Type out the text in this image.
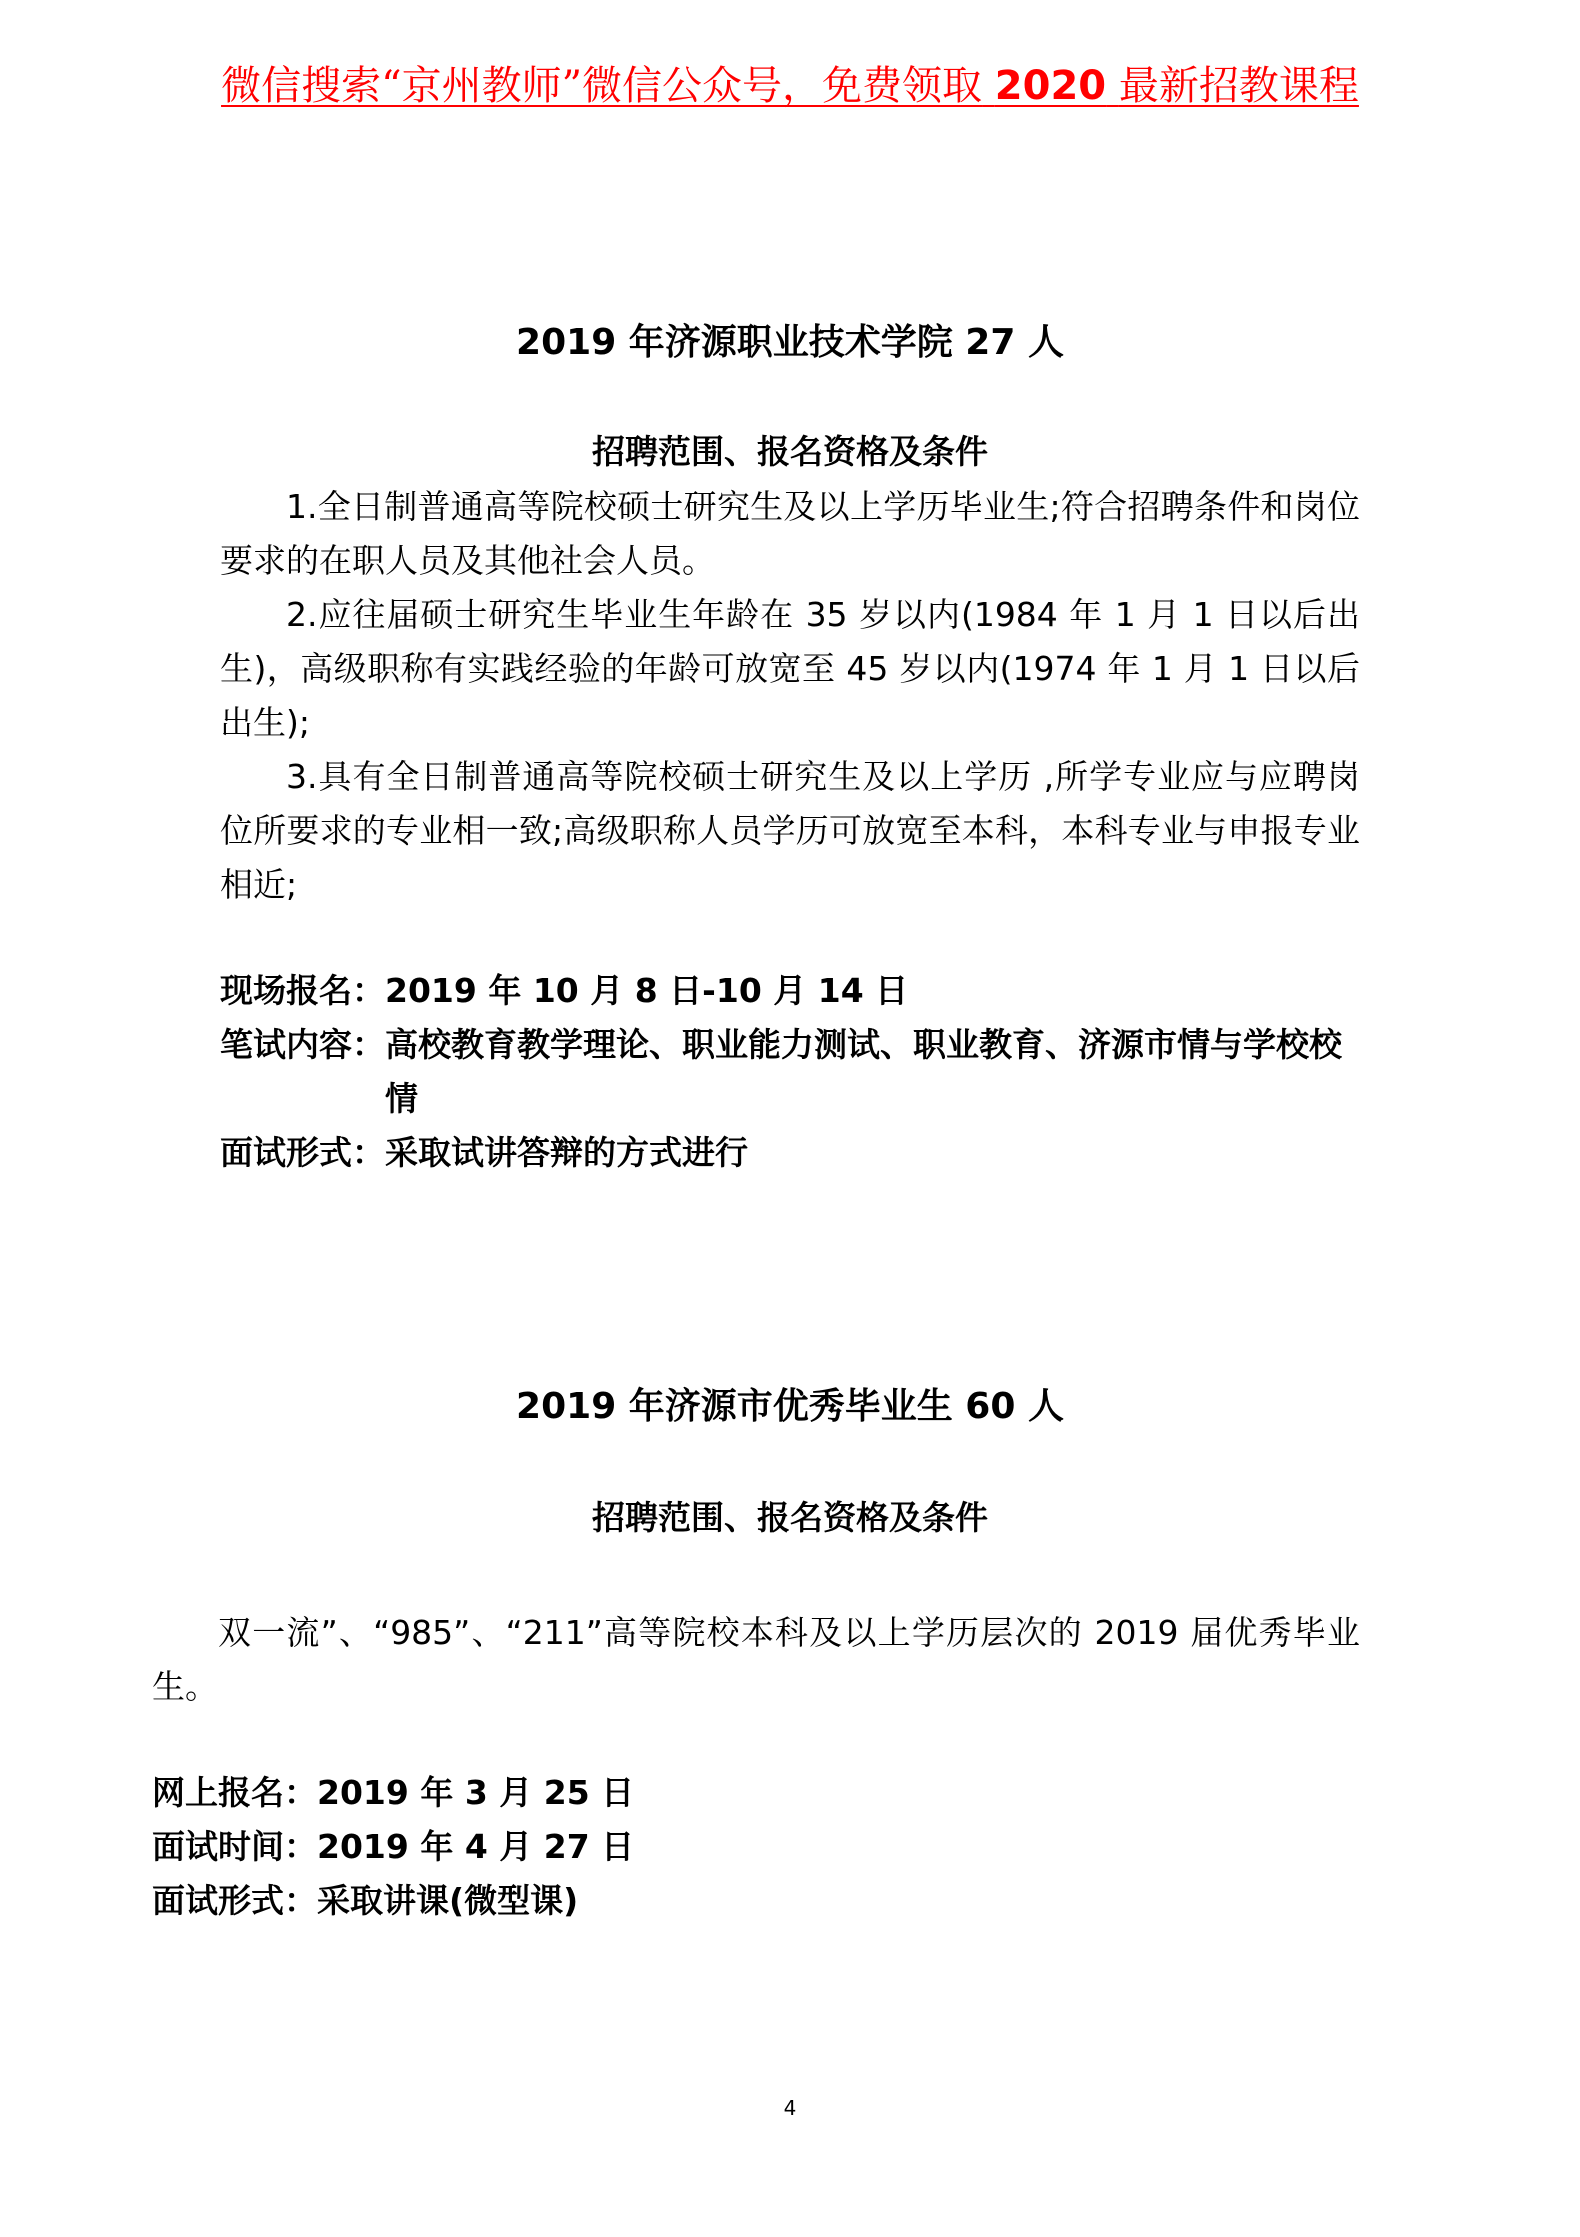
微信搜索“京州教师”微信公众号，免费领取 2020 最新招教课程
2019 年济源职业技术学院 27 人
招聘范围、报名资格及条件
1.全日制普通高等院校硕士研究生及以上学历毕业生;符合招聘条件和岗位要求的在职人员及其他社会人员。
2.应往届硕士研究生毕业生年龄在 35 岁以内(1984 年 1 月 1 日以后出生)，高级职称有实践经验的年龄可放宽至 45 岁以内(1974 年 1 月 1 日以后出生);
3.具有全日制普通高等院校硕士研究生及以上学历 ,所学专业应与应聘岗位所要求的专业相一致;高级职称人员学历可放宽至本科，本科专业与申报专业相近;
现场报名： 2019 年 10 月 8 日-10 月 14 日
笔试内容： 高校教育教学理论、职业能力测试、职业教育、济源市情与学校校情
面试形式： 采取试讲答辩的方式进行
2019 年济源市优秀毕业生 60 人
招聘范围、报名资格及条件
双一流”、“985”、“211”高等院校本科及以上学历层次的 2019 届优秀毕业生。
网上报名： 2019 年 3 月 25 日
面试时间： 2019 年 4 月 27 日
面试形式： 采取讲课(微型课)
4
